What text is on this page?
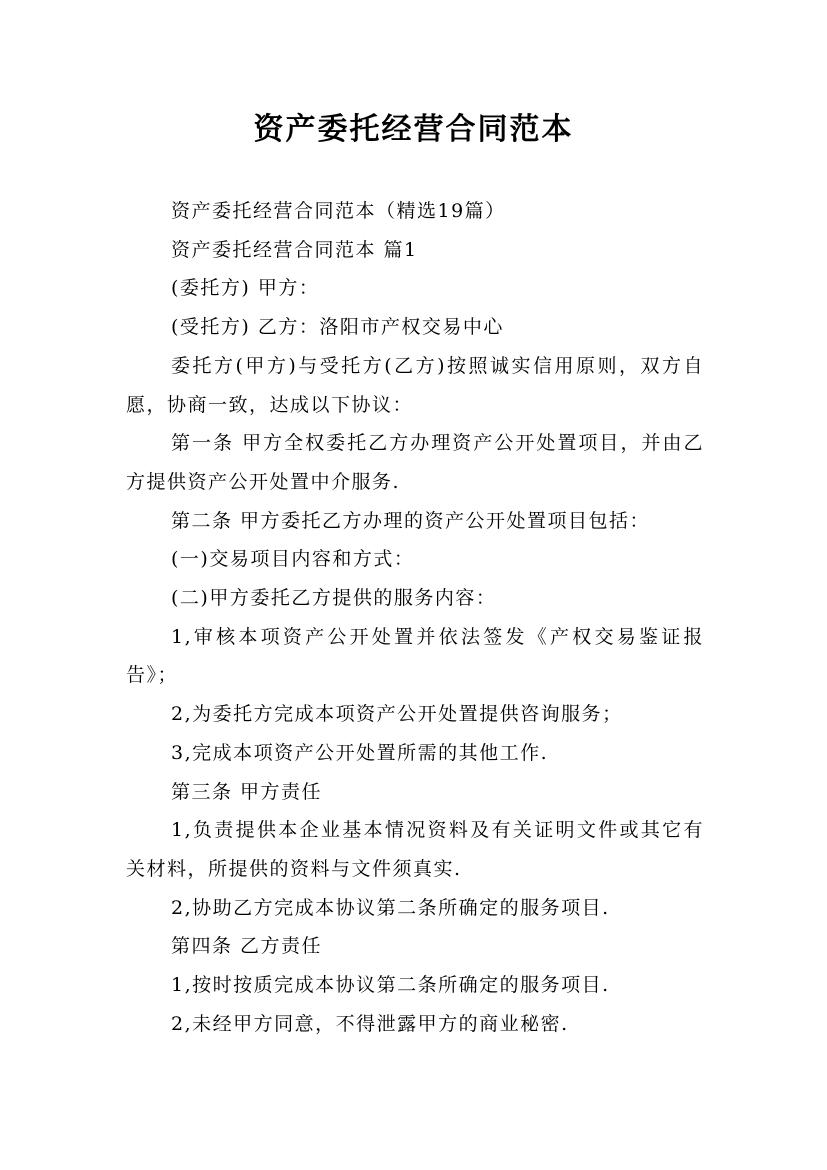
资产委托经营合同范本

资产委托经营合同范本（精选19篇）

资产委托经营合同范本 篇1

(委托方) 甲方：

(受托方) 乙方：洛阳市产权交易中心

委托方(甲方)与受托方(乙方)按照诚实信用原则，双方自愿，协商一致，达成以下协议：

第一条 甲方全权委托乙方办理资产公开处置项目，并由乙方提供资产公开处置中介服务.

第二条 甲方委托乙方办理的资产公开处置项目包括：

(一)交易项目内容和方式：

(二)甲方委托乙方提供的服务内容：

1,审核本项资产公开处置并依法签发《产权交易鉴证报告》；

2,为委托方完成本项资产公开处置提供咨询服务；

3,完成本项资产公开处置所需的其他工作.

第三条 甲方责任

1,负责提供本企业基本情况资料及有关证明文件或其它有关材料，所提供的资料与文件须真实.

2,协助乙方完成本协议第二条所确定的服务项目.

第四条 乙方责任

1,按时按质完成本协议第二条所确定的服务项目.

2,未经甲方同意，不得泄露甲方的商业秘密.
